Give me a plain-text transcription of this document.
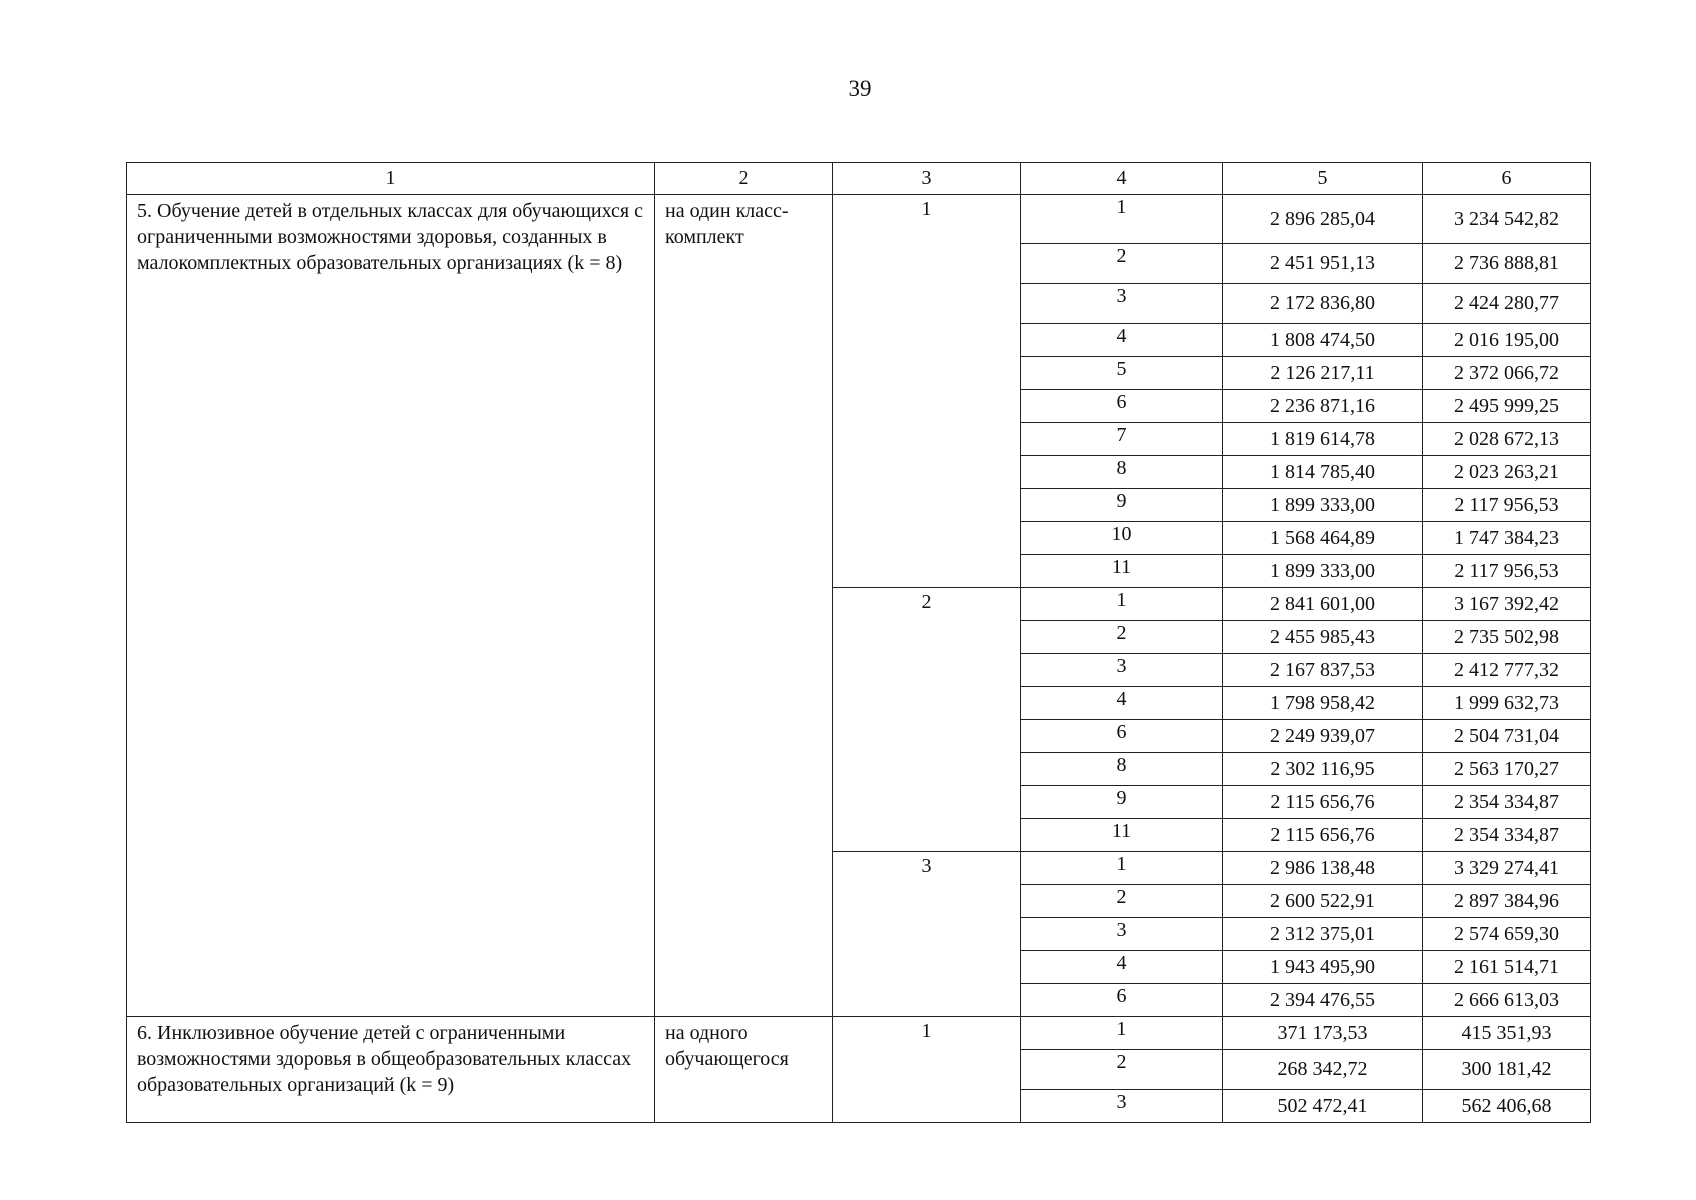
39
1	2	3	4	5	6
5. Обучение детей в отдельных классах для обучающихся с ограниченными возможностями здоровья, созданных в малокомплектных образовательных организациях (k = 8)	на один класс-комплект	1	1	2 896 285,04	3 234 542,82
			2	2 451 951,13	2 736 888,81
			3	2 172 836,80	2 424 280,77
			4	1 808 474,50	2 016 195,00
			5	2 126 217,11	2 372 066,72
			6	2 236 871,16	2 495 999,25
			7	1 819 614,78	2 028 672,13
			8	1 814 785,40	2 023 263,21
			9	1 899 333,00	2 117 956,53
			10	1 568 464,89	1 747 384,23
			11	1 899 333,00	2 117 956,53
		2	1	2 841 601,00	3 167 392,42
			2	2 455 985,43	2 735 502,98
			3	2 167 837,53	2 412 777,32
			4	1 798 958,42	1 999 632,73
			6	2 249 939,07	2 504 731,04
			8	2 302 116,95	2 563 170,27
			9	2 115 656,76	2 354 334,87
			11	2 115 656,76	2 354 334,87
		3	1	2 986 138,48	3 329 274,41
			2	2 600 522,91	2 897 384,96
			3	2 312 375,01	2 574 659,30
			4	1 943 495,90	2 161 514,71
			6	2 394 476,55	2 666 613,03
6. Инклюзивное обучение детей с ограниченными возможностями здоровья в общеобразовательных классах образовательных организаций (k = 9)	на одного обучающегося	1	1	371 173,53	415 351,93
			2	268 342,72	300 181,42
			3	502 472,41	562 406,68
